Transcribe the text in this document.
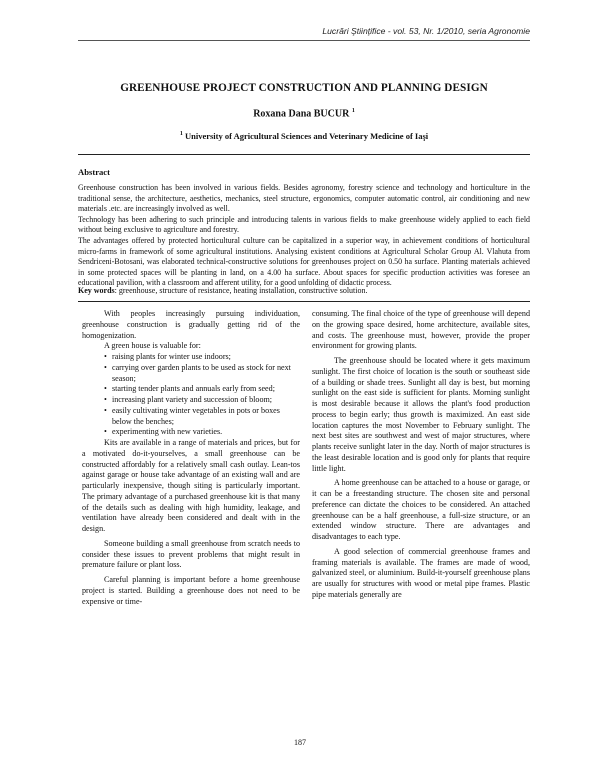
Lucrări Ştiinţifice - vol. 53, Nr. 1/2010, seria Agronomie
GREENHOUSE PROJECT CONSTRUCTION AND PLANNING DESIGN
Roxana Dana BUCUR $^1$
$^1$ University of Agricultural Sciences and Veterinary Medicine of Iaşi
Abstract

Greenhouse construction has been involved in various fields. Besides agronomy, forestry science and technology and horticulture in the traditional sense, the architecture, aesthetics, mechanics, steel structure, ergonomics, computer automatic control, air conditioning and new materials .etc. are increasingly involved as well.

Technology has been adhering to such principle and introducing talents in various fields to make greenhouse widely applied to each field without being exclusive to agriculture and forestry.

The advantages offered by protected horticultural culture can be capitalized in a superior way, in achievement conditions of horticultural micro-farms in framework of some agricultural institutions. Analysing existent conditions at Agricultural Scholar Group Al. Vlahuta from Sendriceni-Botosani, was elaborated technical-constructive solutions for greenhouses project on 0.50 ha surface. Planting materials achieved in some protected spaces will be planting in land, on a 4.00 ha surface. About spaces for specific production activities was foresee an educational pavilion, with a classroom and afferent utility, for a good unfolding of didactic process.

Key words: greenhouse, structure of resistance, heating installation, constructive solution.

With peoples increasingly pursuing individuation, greenhouse construction is gradually getting rid of the homogenization.

A green house is valuable for:

• raising plants for winter use indoors;
• carrying over garden plants to be used as stock for next season;
• starting tender plants and annuals early from seed;
• increasing plant variety and succession of bloom;
• easily cultivating winter vegetables in pots or boxes below the benches;
• experimenting with new varieties.

Kits are available in a range of materials and prices, but for a motivated do-it-yourselves, a small greenhouse can be constructed affordably for a relatively small cash outlay. Lean-tos against garage or house take advantage of an existing wall and are particularly inexpensive, though siting is particularly important. The primary advantage of a purchased greenhouse kit is that many of the details such as dealing with high humidity, leakage, and ventilation have already been considered and dealt with in the design.

Someone building a small greenhouse from scratch needs to consider these issues to prevent problems that might result in premature failure or plant loss.

Careful planning is important before a home greenhouse project is started. Building a greenhouse does not need to be expensive or time-

consuming. The final choice of the type of greenhouse will depend on the growing space desired, home architecture, available sites, and costs. The greenhouse must, however, provide the proper environment for growing plants.

The greenhouse should be located where it gets maximum sunlight. The first choice of location is the south or southeast side of a building or shade trees. Sunlight all day is best, but morning sunlight on the east side is sufficient for plants. Morning sunlight is most desirable because it allows the plant's food production process to begin early; thus growth is maximized. An east side location captures the most November to February sunlight. The next best sites are southwest and west of major structures, where plants receive sunlight later in the day. North of major structures is the least desirable location and is good only for plants that require little light.

A home greenhouse can be attached to a house or garage, or it can be a freestanding structure. The chosen site and personal preference can dictate the choices to be considered. An attached greenhouse can be a half greenhouse, a full-size structure, or an extended window structure. There are advantages and disadvantages to each type.

A good selection of commercial greenhouse frames and framing materials is available. The frames are made of wood, galvanized steel, or aluminium. Build-it-yourself greenhouse plans are usually for structures with wood or metal pipe frames. Plastic pipe materials generally are

187
